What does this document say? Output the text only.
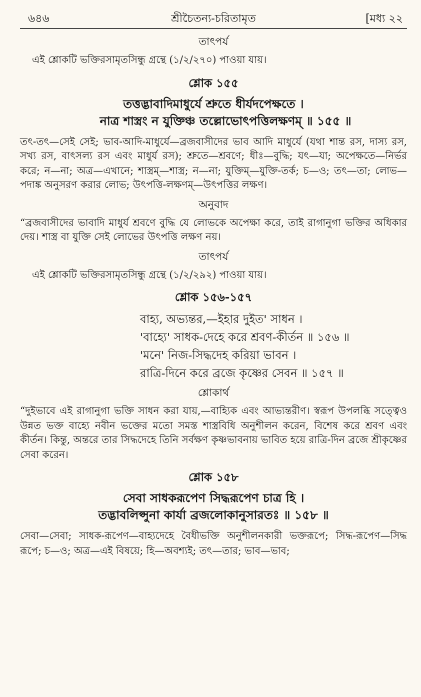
৬৪৬	শ্রীচৈতন্য-চরিতামৃত	[মধ্য ২২
তাৎপর্য
এই শ্লোকটি ভক্তিরসামৃতসিন্ধু গ্রন্থে (১/২/২৭০) পাওয়া যায়।
শ্লোক ১৫৫
তত্তদ্ভাবাদিমাধুর্যে শ্রুতে ধীর্যদপেক্ষতে ।
নাত্র শাস্ত্রং ন যুক্তিঞ্চ তল্লোভোৎপত্তিলক্ষণম্‌ ॥ ১৫৫ ॥
তৎ-তৎ—সেই সেই; ভাব-আদি-মাধুর্যে—ব্রজবাসীদের ভাব আদি মাধুর্যে (যথা শান্ত রস, দাস্য রস, সখ্য রস, বাৎসল্য রস এবং মাধুর্য রস); শ্রুতে—শ্রবণে; ধীঃ—বুদ্ধি; যৎ—যা; অপেক্ষতে—নির্ভর করে; ন—না; অত্র—এখানে; শাস্ত্রম্—শাস্ত্র; ন—না; যুক্তিম্—যুক্তি-তর্ক; চ—ও; তৎ—তা; লোভ—পদাঙ্ক অনুসরণ করার লোভ; উৎপত্তি-লক্ষণম্—উৎপত্তির লক্ষণ।
অনুবাদ
“ব্রজবাসীদের ভাবাদি মাধুর্য শ্রবণে বুদ্ধি যে লোভকে অপেক্ষা করে, তাই রাগানুগা ভক্তির অধিকার দেয়। শাস্ত্র বা যুক্তি সেই লোভের উৎপত্তি লক্ষণ নয়।
তাৎপর্য
এই শ্লোকটি ভক্তিরসামৃতসিন্ধু গ্রন্থে (১/২/২৯২) পাওয়া যায়।
শ্লোক ১৫৬-১৫৭
বাহ্য, অভ্যন্তর,—ইহার দুইত' সাধন ।
'বাহ্যে' সাধক-দেহে করে শ্রবণ-কীর্তন ॥ ১৫৬ ॥
'মনে' নিজ-সিদ্ধদেহ করিয়া ভাবন ।
রাত্রি-দিনে করে ব্রজে কৃষ্ণের সেবন ॥ ১৫৭ ॥
শ্লোকার্থ
“দুইভাবে এই রাগানুগা ভক্তি সাধন করা যায়,—বাহ্যিক এবং আভ্যন্তরীণ। স্বরূপ উপলব্ধি সত্ত্বেও উন্নত ভক্ত বাহ্যে নবীন ভক্তের মতো সমস্ত শাস্ত্রবিধি অনুশীলন করেন, বিশেষ করে শ্রবণ এবং কীর্তন। কিন্তু, অন্তরে তার সিদ্ধদেহে তিনি সর্বক্ষণ কৃষ্ণভাবনায় ভাবিত হয়ে রাত্রি-দিন ব্রজে শ্রীকৃষ্ণের সেবা করেন।
শ্লোক ১৫৮
সেবা সাধকরূপেণ সিদ্ধরূপেণ চাত্র হি ।
তদ্ভাবলিপ্সুনা কার্যা ব্রজলোকানুসারতঃ ॥ ১৫৮ ॥
সেবা—সেবা; সাধক-রূপেণ—বাহ্যদেহে বৈধীভক্তি অনুশীলনকারী ভক্তরূপে; সিদ্ধ-রূপেণ—সিদ্ধ রূপে; চ—ও; অত্র—এই বিষয়ে; হি—অবশ্যই; তৎ—তার; ভাব—ভাব;
